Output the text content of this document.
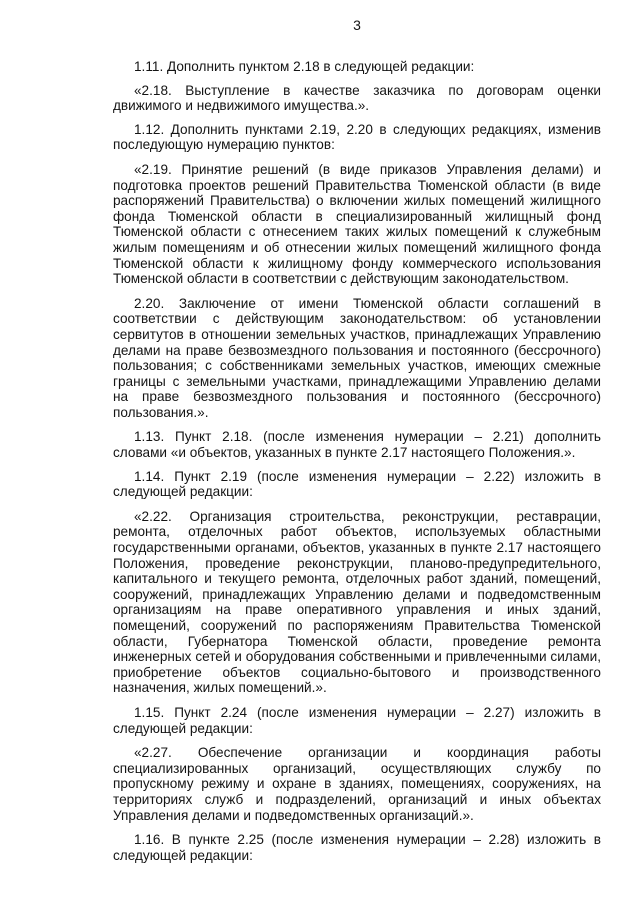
3

1.11. Дополнить пунктом 2.18 в следующей редакции:

«2.18. Выступление в качестве заказчика по договорам оценки движимого и недвижимого имущества.».

1.12. Дополнить пунктами 2.19, 2.20 в следующих редакциях, изменив последующую нумерацию пунктов:

«2.19. Принятие решений (в виде приказов Управления делами) и подготовка проектов решений Правительства Тюменской области (в виде распоряжений Правительства) о включении жилых помещений жилищного фонда Тюменской области в специализированный жилищный фонд Тюменской области с отнесением таких жилых помещений к служебным жилым помещениям и об отнесении жилых помещений жилищного фонда Тюменской области к жилищному фонду коммерческого использования Тюменской области в соответствии с действующим законодательством.

2.20. Заключение от имени Тюменской области соглашений в соответствии с действующим законодательством: об установлении сервитутов в отношении земельных участков, принадлежащих Управлению делами на праве безвозмездного пользования и постоянного (бессрочного) пользования; с собственниками земельных участков, имеющих смежные границы с земельными участками, принадлежащими Управлению делами на праве безвозмездного пользования и постоянного (бессрочного) пользования.».

1.13. Пункт 2.18. (после изменения нумерации – 2.21) дополнить словами «и объектов, указанных в пункте 2.17 настоящего Положения.».

1.14. Пункт 2.19 (после изменения нумерации – 2.22) изложить в следующей редакции:

«2.22. Организация строительства, реконструкции, реставрации, ремонта, отделочных работ объектов, используемых областными государственными органами, объектов, указанных в пункте 2.17 настоящего Положения, проведение реконструкции, планово-предупредительного, капитального и текущего ремонта, отделочных работ зданий, помещений, сооружений, принадлежащих Управлению делами и подведомственным организациям на праве оперативного управления и иных зданий, помещений, сооружений по распоряжениям Правительства Тюменской области, Губернатора Тюменской области, проведение ремонта инженерных сетей и оборудования собственными и привлеченными силами, приобретение объектов социально-бытового и производственного назначения, жилых помещений.».

1.15. Пункт 2.24 (после изменения нумерации – 2.27) изложить в следующей редакции:

«2.27. Обеспечение организации и координация работы специализированных организаций, осуществляющих службу по пропускному режиму и охране в зданиях, помещениях, сооружениях, на территориях служб и подразделений, организаций и иных объектах Управления делами и подведомственных организаций.».

1.16. В пункте 2.25 (после изменения нумерации – 2.28) изложить в следующей редакции:
